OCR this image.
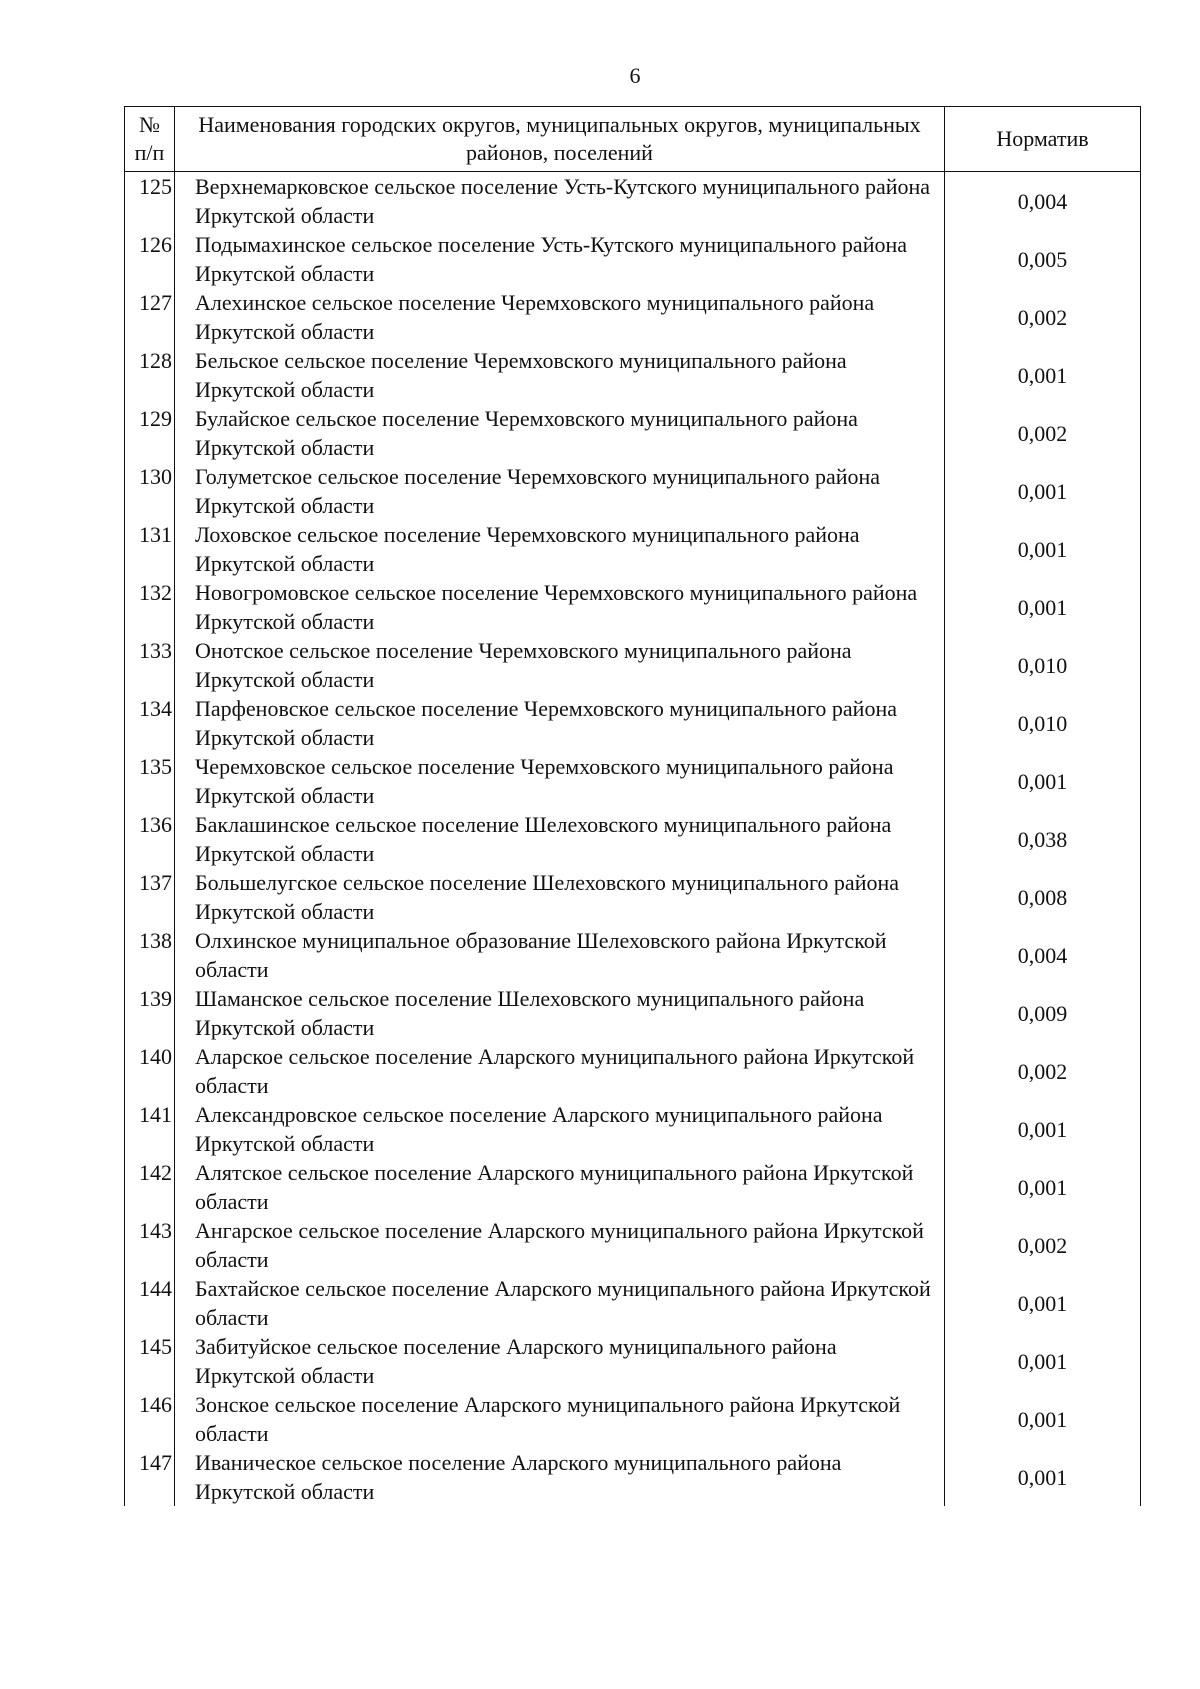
6
№ п/п	Наименования городских округов, муниципальных округов, муниципальных районов, поселений	Норматив
125	Верхнемарковское сельское поселение Усть-Кутского муниципального района Иркутской области	0,004
126	Подымахинское сельское поселение Усть-Кутского муниципального района Иркутской области	0,005
127	Алехинское сельское поселение Черемховского муниципального района Иркутской области	0,002
128	Бельское сельское поселение Черемховского муниципального района Иркутской области	0,001
129	Булайское сельское поселение Черемховского муниципального района Иркутской области	0,002
130	Голуметское сельское поселение Черемховского муниципального района Иркутской области	0,001
131	Лоховское сельское поселение Черемховского муниципального района Иркутской области	0,001
132	Новогромовское сельское поселение Черемховского муниципального района Иркутской области	0,001
133	Онотское сельское поселение Черемховского муниципального района Иркутской области	0,010
134	Парфеновское сельское поселение Черемховского муниципального района Иркутской области	0,010
135	Черемховское сельское поселение Черемховского муниципального района Иркутской области	0,001
136	Баклашинское сельское поселение Шелеховского муниципального района Иркутской области	0,038
137	Большелугское сельское поселение Шелеховского муниципального района Иркутской области	0,008
138	Олхинское муниципальное образование Шелеховского района Иркутской области	0,004
139	Шаманское сельское поселение Шелеховского муниципального района Иркутской области	0,009
140	Аларское сельское поселение Аларского муниципального района Иркутской области	0,002
141	Александровское сельское поселение Аларского муниципального района Иркутской области	0,001
142	Алятское сельское поселение Аларского муниципального района Иркутской области	0,001
143	Ангарское сельское поселение Аларского муниципального района Иркутской области	0,002
144	Бахтайское сельское поселение Аларского муниципального района Иркутской области	0,001
145	Забитуйское сельское поселение Аларского муниципального района Иркутской области	0,001
146	Зонское сельское поселение Аларского муниципального района Иркутской области	0,001
147	Иваническое сельское поселение Аларского муниципального района Иркутской области	0,001
